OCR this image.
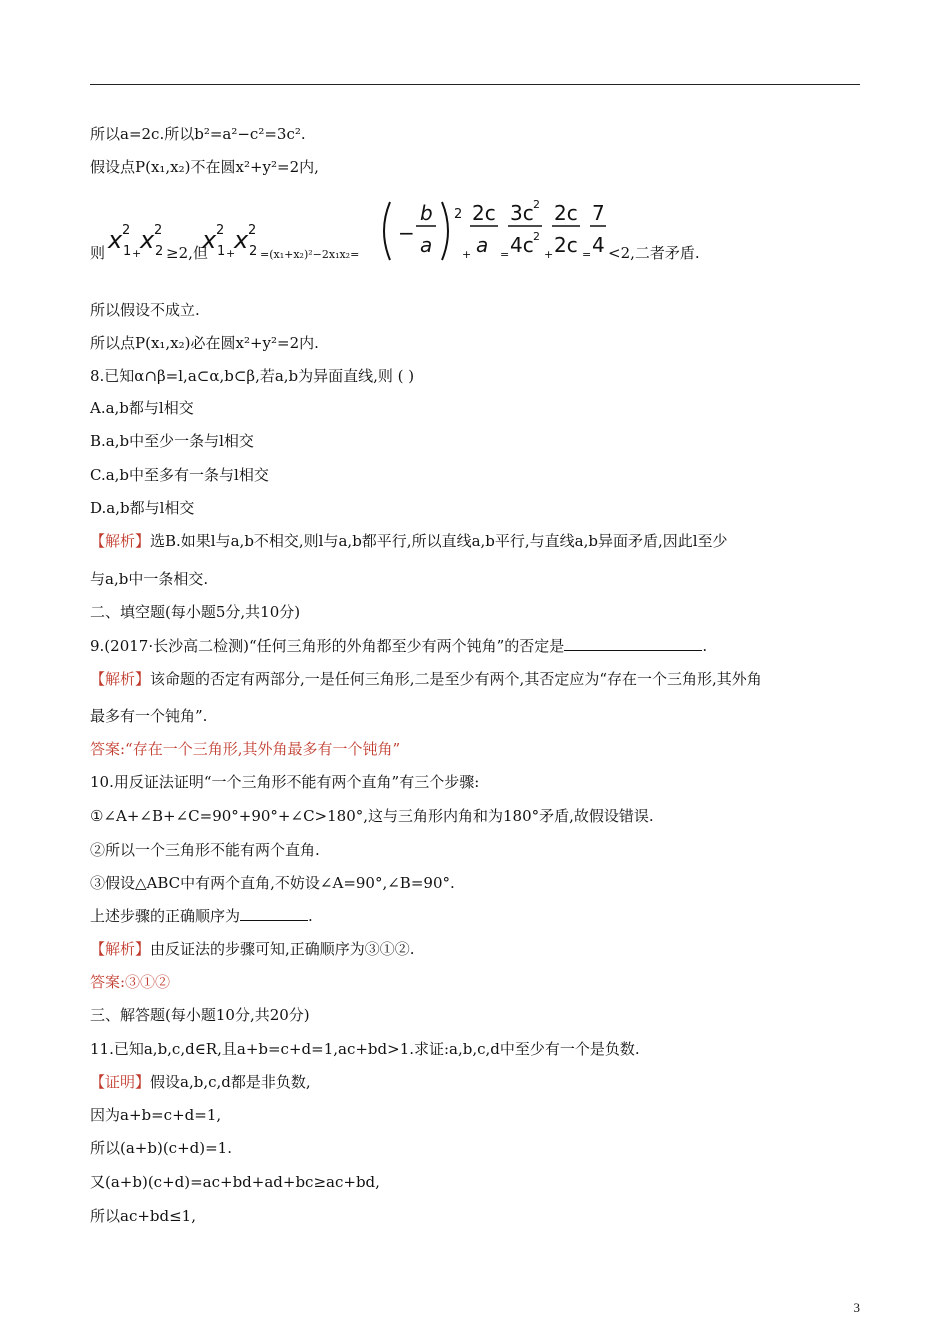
所以a=2c.所以b²=a²−c²=3c².
假设点P(x₁,x₂)不在圆x²+y²=2内,
则 x 2
1 +
x 2
2 ≥2,但
x 2
1 +
x 2
2 =(x₁+x₂)²−2x₁x₂=
−
b
a
2
+
2c
a =
3c 2
4c 2
+
2c
2c =
7
4 <2,二者矛盾.
所以假设不成立.
所以点P(x₁,x₂)必在圆x²+y²=2内.
8.已知α∩β=l,a⊂α,b⊂β,若a,b为异面直线,则 ( )
A.a,b都与l相交
B.a,b中至少一条与l相交
C.a,b中至多有一条与l相交
D.a,b都与l相交
【解析】选B.如果l与a,b不相交,则l与a,b都平行,所以直线a,b平行,与直线a,b异面矛盾,因此l至少
与a,b中一条相交.
二、填空题(每小题5分,共10分)
9.(2017·长沙高二检测)“任何三角形的外角都至少有两个钝角”的否定是	.
【解析】该命题的否定有两部分,一是任何三角形,二是至少有两个,其否定应为“存在一个三角形,其外角
最多有一个钝角”.
答案:“存在一个三角形,其外角最多有一个钝角”
10.用反证法证明“一个三角形不能有两个直角”有三个步骤:
①∠A+∠B+∠C=90°+90°+∠C>180°,这与三角形内角和为180°矛盾,故假设错误.
②所以一个三角形不能有两个直角.
③假设△ABC中有两个直角,不妨设∠A=90°,∠B=90°.
上述步骤的正确顺序为	.
【解析】由反证法的步骤可知,正确顺序为③①②.
答案:③①②
三、解答题(每小题10分,共20分)
11.已知a,b,c,d∈R,且a+b=c+d=1,ac+bd>1.求证:a,b,c,d中至少有一个是负数.
【证明】假设a,b,c,d都是非负数,
因为a+b=c+d=1,
所以(a+b)(c+d)=1.
又(a+b)(c+d)=ac+bd+ad+bc≥ac+bd,
所以ac+bd≤1,
3
